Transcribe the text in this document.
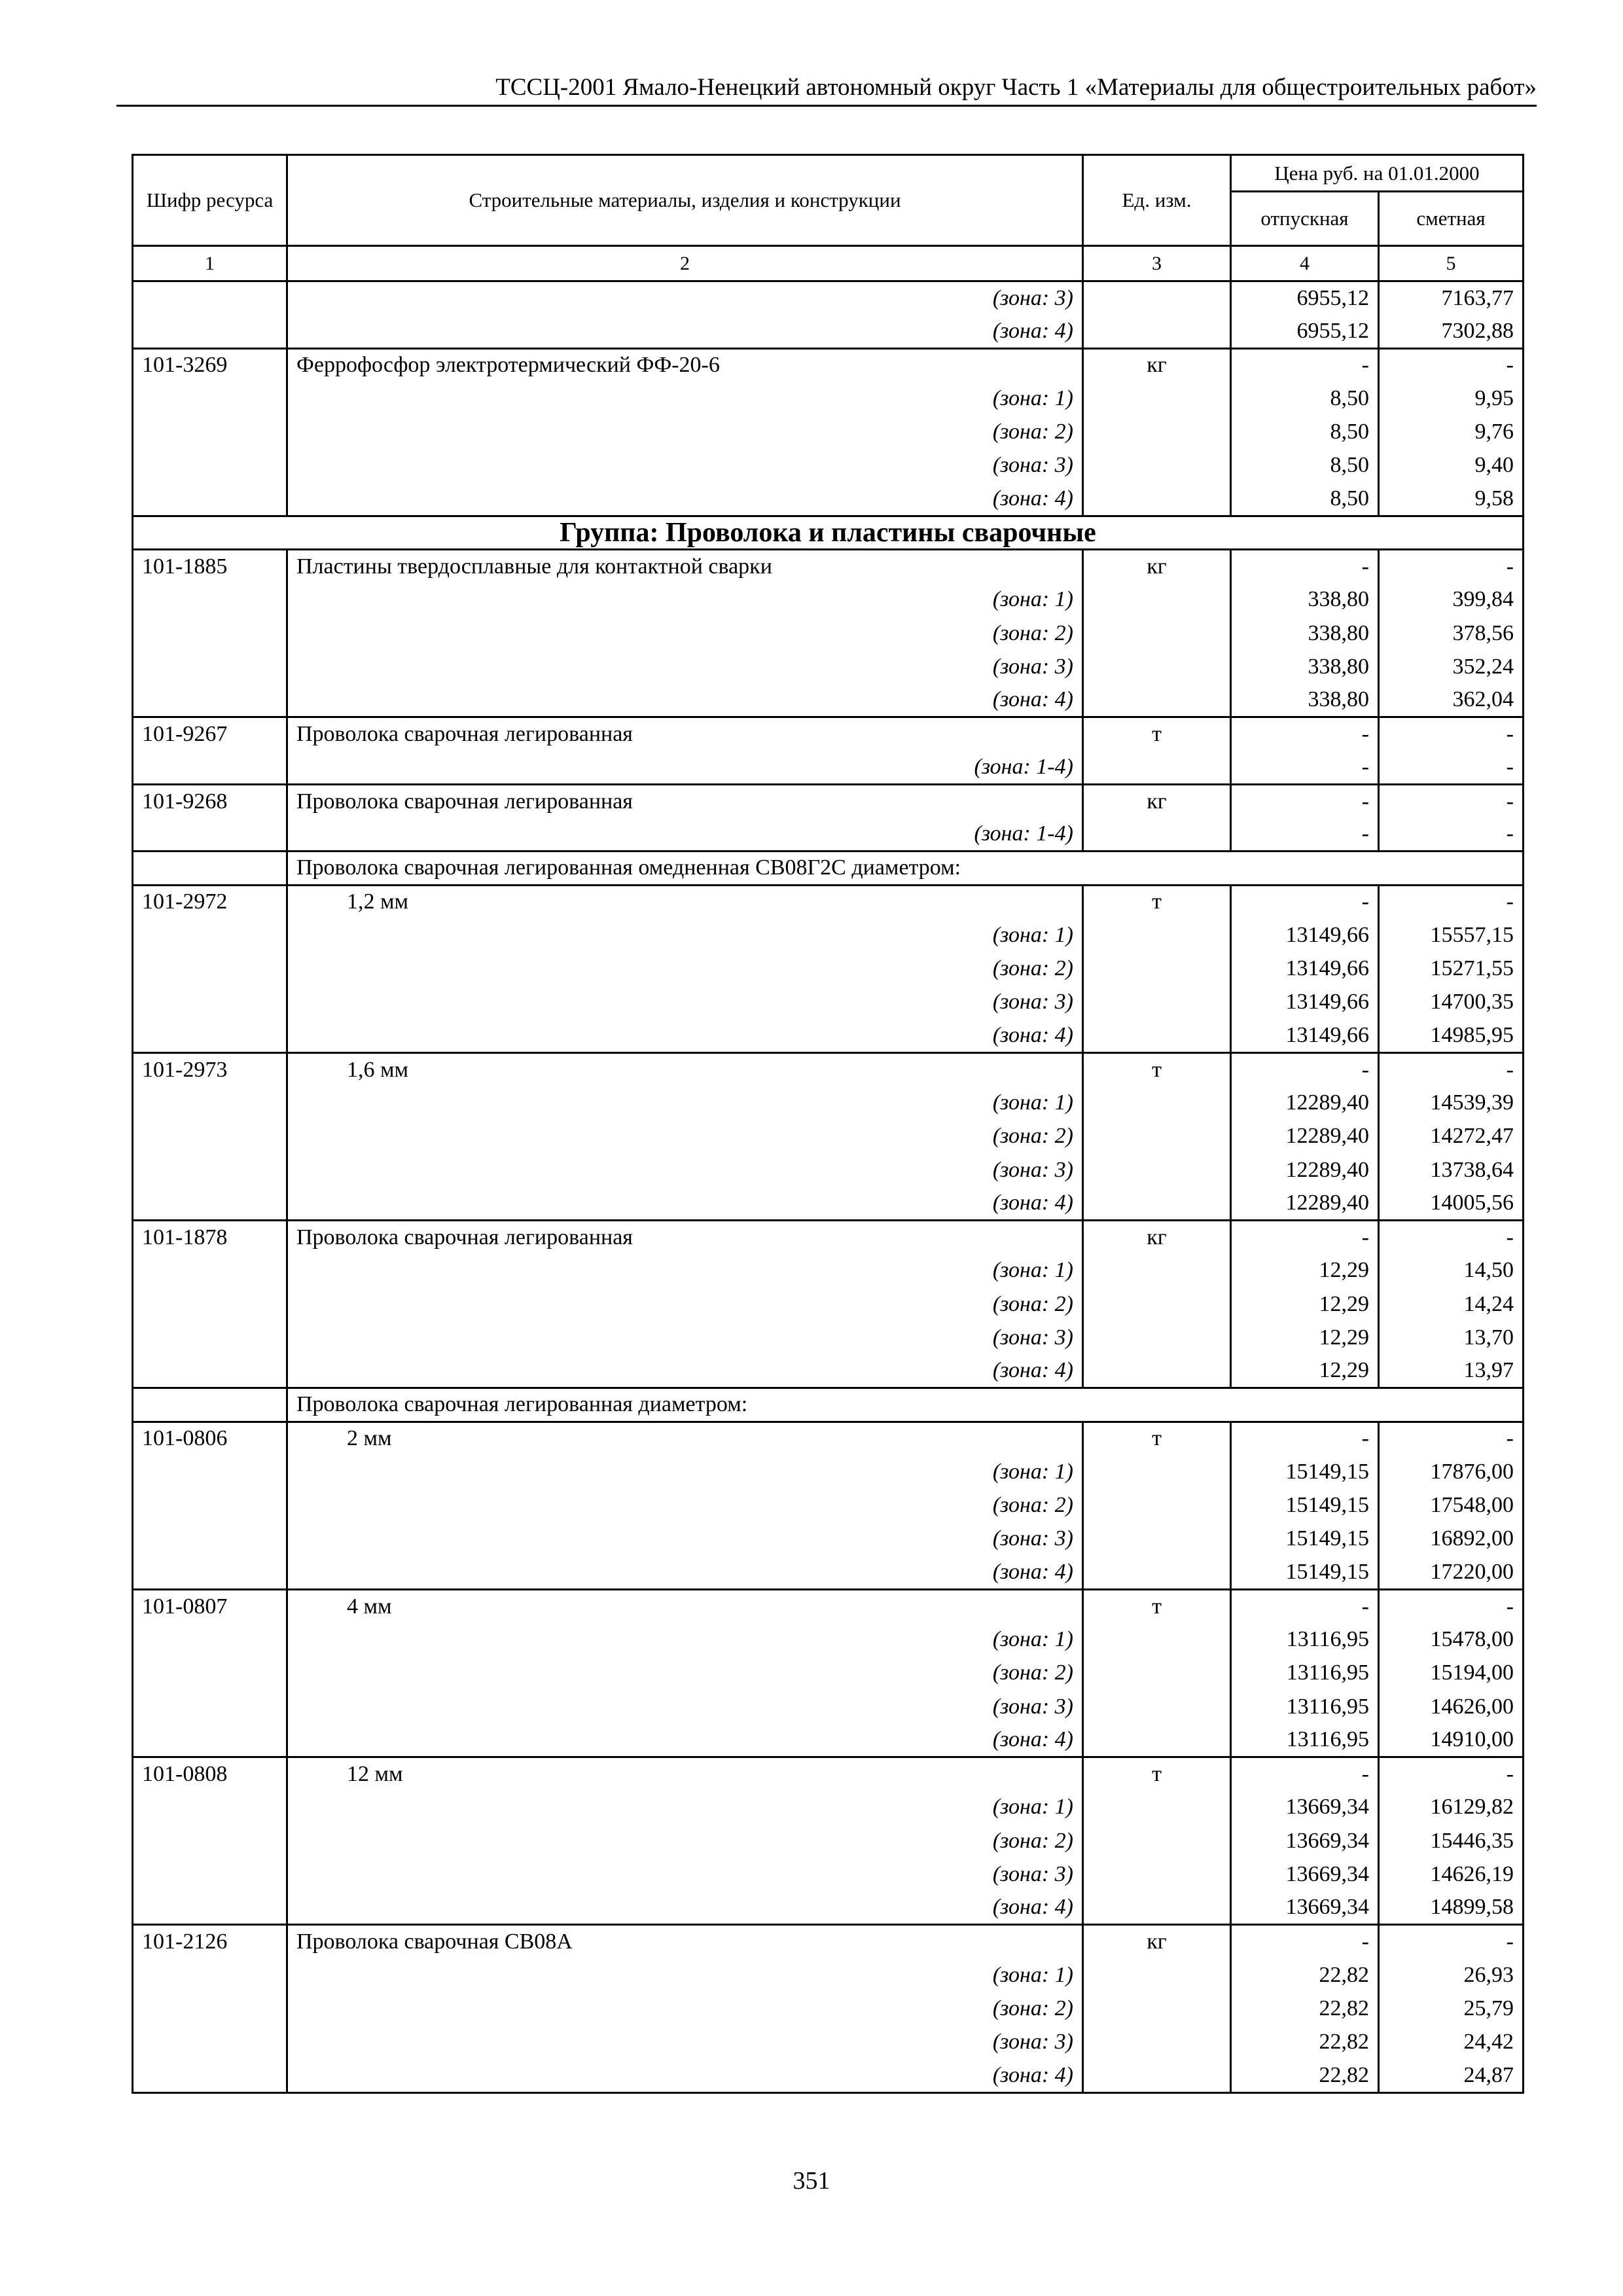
ТССЦ-2001 Ямало-Ненецкий автономный округ Часть 1 «Материалы для общестроительных работ»
Шифр ресурса	Строительные материалы, изделия и конструкции	Ед. изм.	Цена руб. на 01.01.2000	
			отпускная	сметная
1	2	3	4	5
	(зона: 3)		6955,12	7163,77
	(зона: 4)		6955,12	7302,88
101-3269	Феррофосфор электротермический ФФ-20-6	кг	-	-
	(зона: 1)		8,50	9,95
	(зона: 2)		8,50	9,76
	(зона: 3)		8,50	9,40
	(зона: 4)		8,50	9,58
Группа: Проволока и пластины сварочные				
101-1885	Пластины твердосплавные для контактной сварки	кг	-	-
	(зона: 1)		338,80	399,84
	(зона: 2)		338,80	378,56
	(зона: 3)		338,80	352,24
	(зона: 4)		338,80	362,04
101-9267	Проволока сварочная легированная	т	-	-
	(зона: 1-4)		-	-
101-9268	Проволока сварочная легированная	кг	-	-
	(зона: 1-4)		-	-
	Проволока сварочная легированная омедненная СВ08Г2С диаметром:			
101-2972	1,2 мм	т	-	-
	(зона: 1)		13149,66	15557,15
	(зона: 2)		13149,66	15271,55
	(зона: 3)		13149,66	14700,35
	(зона: 4)		13149,66	14985,95
101-2973	1,6 мм	т	-	-
	(зона: 1)		12289,40	14539,39
	(зона: 2)		12289,40	14272,47
	(зона: 3)		12289,40	13738,64
	(зона: 4)		12289,40	14005,56
101-1878	Проволока сварочная легированная	кг	-	-
	(зона: 1)		12,29	14,50
	(зона: 2)		12,29	14,24
	(зона: 3)		12,29	13,70
	(зона: 4)		12,29	13,97
	Проволока сварочная легированная диаметром:			
101-0806	2 мм	т	-	-
	(зона: 1)		15149,15	17876,00
	(зона: 2)		15149,15	17548,00
	(зона: 3)		15149,15	16892,00
	(зона: 4)		15149,15	17220,00
101-0807	4 мм	т	-	-
	(зона: 1)		13116,95	15478,00
	(зона: 2)		13116,95	15194,00
	(зона: 3)		13116,95	14626,00
	(зона: 4)		13116,95	14910,00
101-0808	12 мм	т	-	-
	(зона: 1)		13669,34	16129,82
	(зона: 2)		13669,34	15446,35
	(зона: 3)		13669,34	14626,19
	(зона: 4)		13669,34	14899,58
101-2126	Проволока сварочная СВ08А	кг	-	-
	(зона: 1)		22,82	26,93
	(зона: 2)		22,82	25,79
	(зона: 3)		22,82	24,42
	(зона: 4)		22,82	24,87
351
